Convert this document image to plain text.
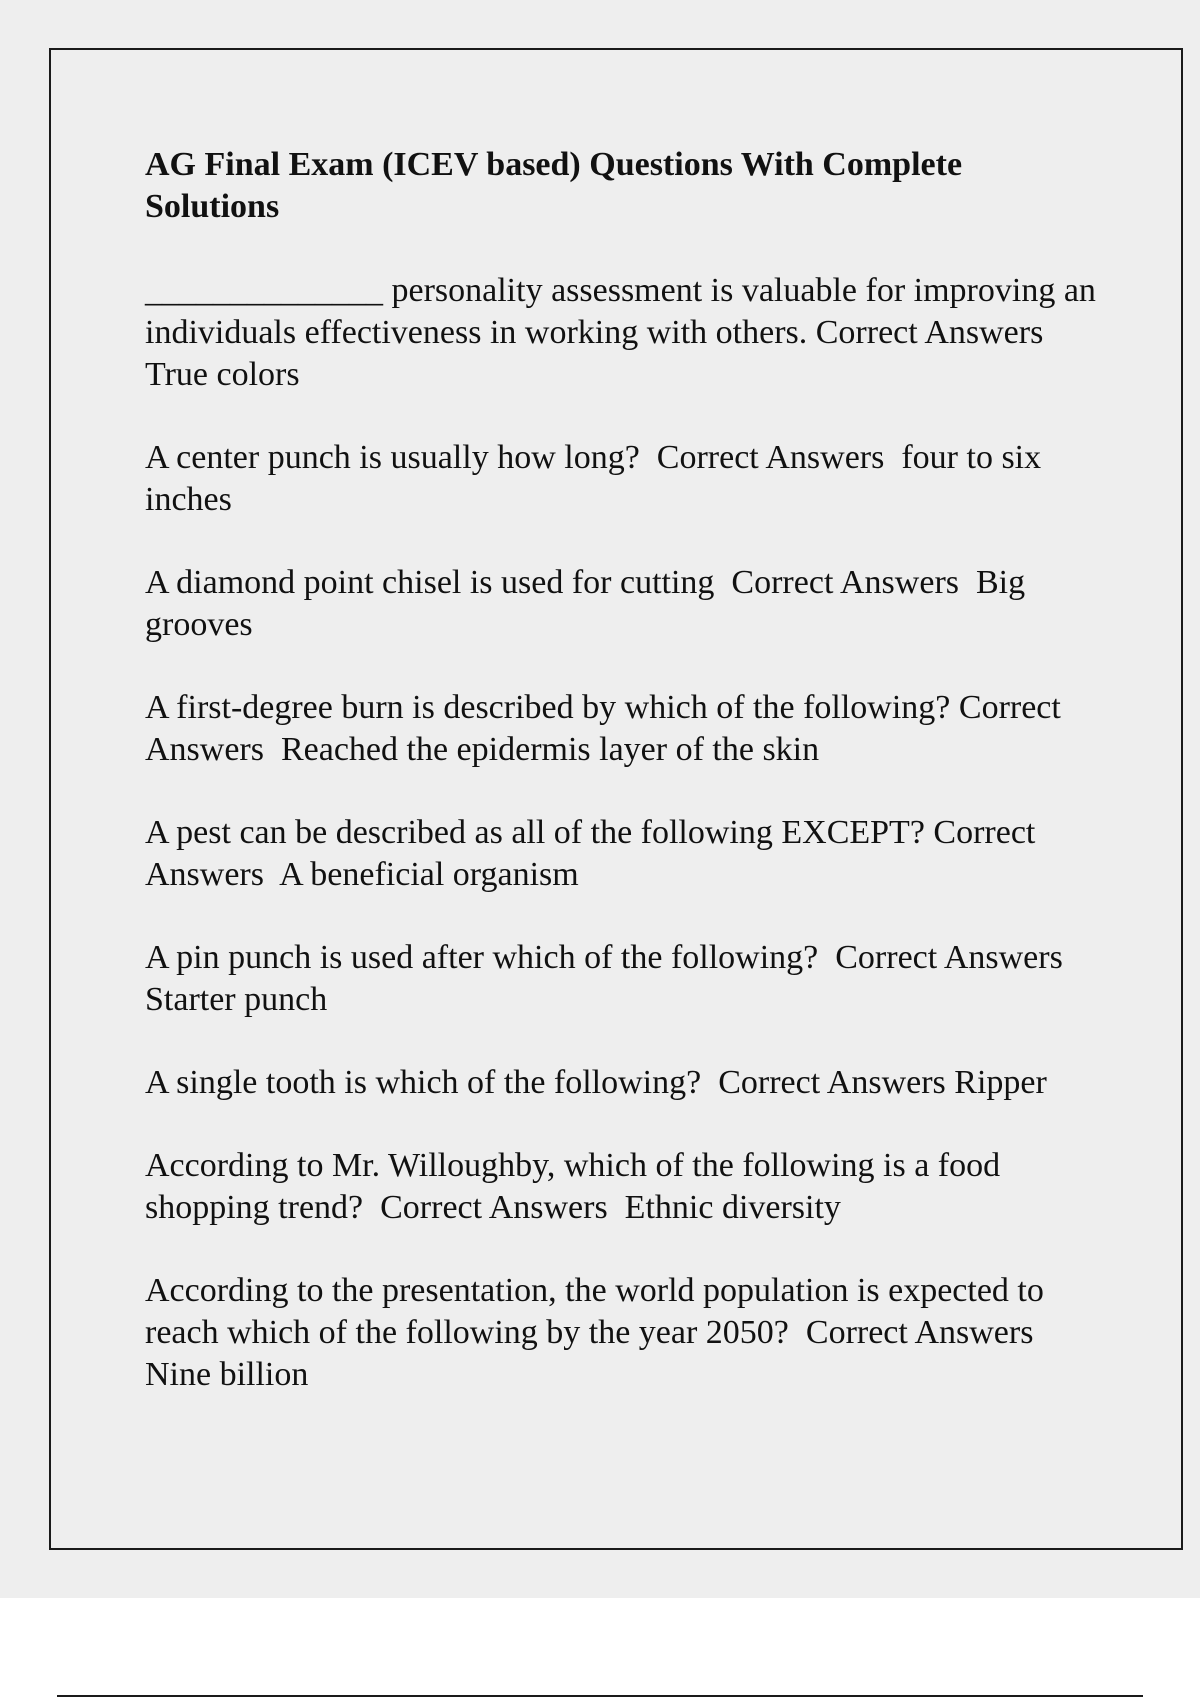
AG Final Exam (ICEV based) Questions With Complete Solutions
______________ personality assessment is valuable for improving an individuals effectiveness in working with others. Correct Answers  True colors
A center punch is usually how long?  Correct Answers  four to six inches
A diamond point chisel is used for cutting  Correct Answers  Big grooves
A first-degree burn is described by which of the following? Correct Answers  Reached the epidermis layer of the skin
A pest can be described as all of the following EXCEPT? Correct Answers  A beneficial organism
A pin punch is used after which of the following?  Correct Answers  Starter punch
A single tooth is which of the following?  Correct Answers Ripper
According to Mr. Willoughby, which of the following is a food shopping trend?  Correct Answers  Ethnic diversity
According to the presentation, the world population is expected to reach which of the following by the year 2050?  Correct Answers  Nine billion
